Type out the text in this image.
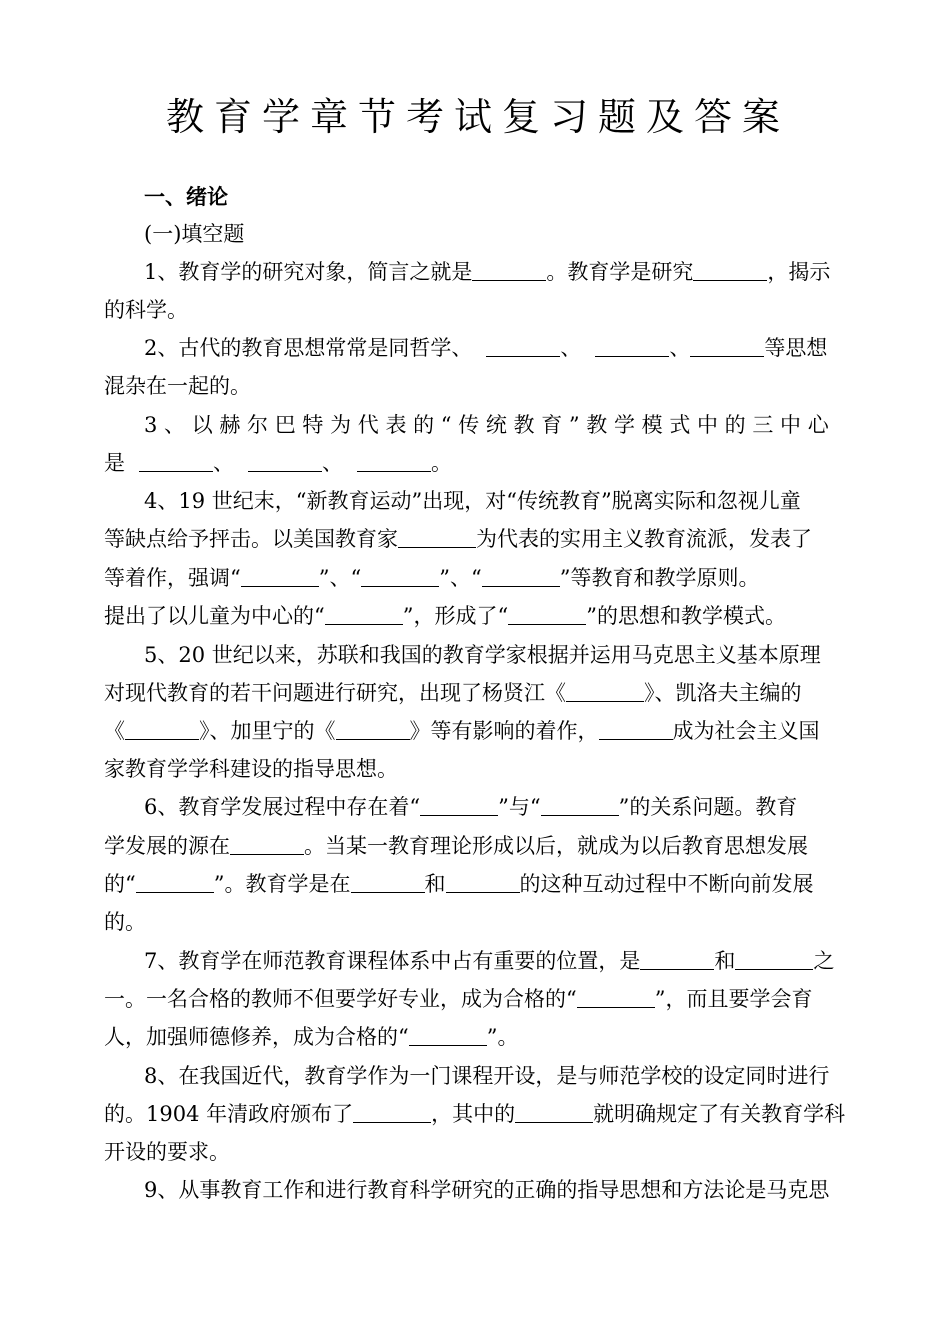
教育学章节考试复习题及答案
一、绪论
(一)填空题
1、教育学的研究对象，简言之就是	。教育学是研究	，揭示
的科学。
2、古代的教育思想常常是同哲学、	、	、	等思想
混杂在一起的。
3 、 以 赫 尔 巴 特 为 代 表 的 “ 传 统 教 育 ” 教 学 模 式 中 的 三 中 心
是	、	、	。
4、19 世纪末，“新教育运动”出现，对“传统教育”脱离实际和忽视儿童
等缺点给予抨击。以美国教育家	为代表的实用主义教育流派，发表了
等着作，强调“	”、“	”、“	”等教育和教学原则。
提出了以儿童为中心的“	”，形成了“	”的思想和教学模式。
5、20 世纪以来，苏联和我国的教育学家根据并运用马克思主义基本原理
对现代教育的若干问题进行研究，出现了杨贤江《	》、凯洛夫主编的
《	》、加里宁的《	》等有影响的着作，	成为社会主义国
家教育学学科建设的指导思想。
6、教育学发展过程中存在着“	”与“	”的关系问题。教育
学发展的源在	。当某一教育理论形成以后，就成为以后教育思想发展
的“	”。教育学是在	和	的这种互动过程中不断向前发展
的。
7、教育学在师范教育课程体系中占有重要的位置，是	和	之
一。一名合格的教师不但要学好专业，成为合格的“	”，而且要学会育
人，加强师德修养，成为合格的“	”。
8、在我国近代，教育学作为一门课程开设，是与师范学校的设定同时进行
的。1904 年清政府颁布了	，其中的	就明确规定了有关教育学科
开设的要求。
9、从事教育工作和进行教育科学研究的正确的指导思想和方法论是马克思
